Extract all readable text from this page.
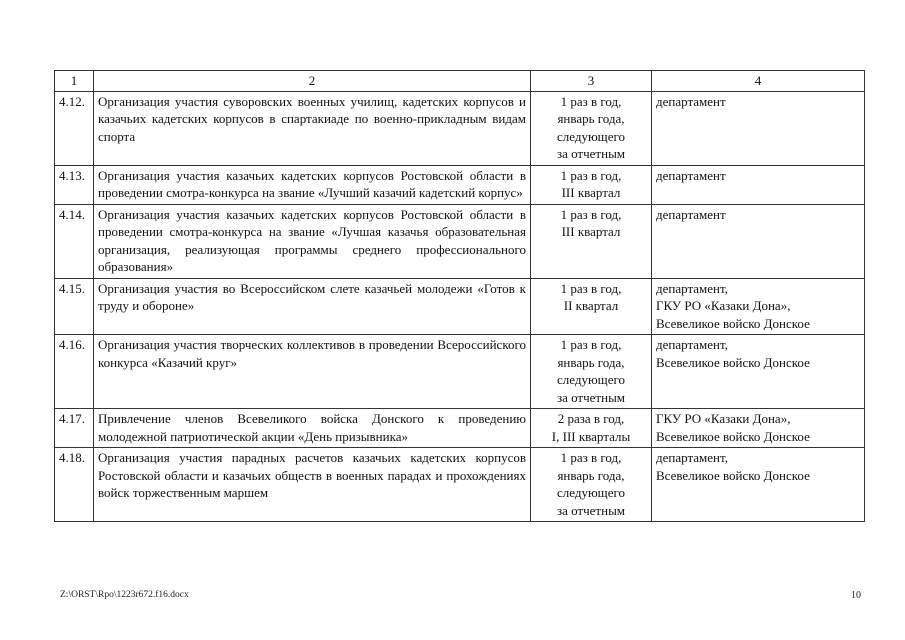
1	2	3	4
4.12.	Организация участия суворовских военных училищ, кадетских корпусов и казачьих кадетских корпусов в спартакиаде по военно-прикладным видам спорта	1 раз в год,
январь года,
следующего
за отчетным	департамент

4.13.	Организация участия казачьих кадетских корпусов Ростовской области в проведении смотра-конкурса на звание «Лучший казачий кадетский корпус»	1 раз в год,
III квартал	департамент

4.14.	Организация участия казачьих кадетских корпусов Ростовской области в проведении смотра-конкурса на звание «Лучшая казачья образовательная организация, реализующая программы среднего профессионального образования»	1 раз в год,
III квартал	департамент

4.15.	Организация участия во Всероссийском слете казачьей молодежи «Готов к труду и обороне»	1 раз в год,
II квартал	департамент,
ГКУ РО «Казаки Дона»,
Всевеликое войско Донское

4.16.	Организация участия творческих коллективов в проведении Всероссийского конкурса «Казачий круг»	1 раз в год,
январь года,
следующего
за отчетным	департамент,
Всевеликое войско Донское

4.17.	Привлечение членов Всевеликого войска Донского к проведению молодежной патриотической акции «День призывника»	2 раза в год,
I, III кварталы	ГКУ РО «Казаки Дона»,
Всевеликое войско Донское

4.18.	Организация участия парадных расчетов казачьих кадетских корпусов Ростовской области и казачьих обществ в военных парадах и прохождениях войск торжественным маршем	1 раз в год,
январь года,
следующего
за отчетным	департамент,
Всевеликое войско Донское
Z:\ORST\Rpo\1223r672.f16.docx	10
